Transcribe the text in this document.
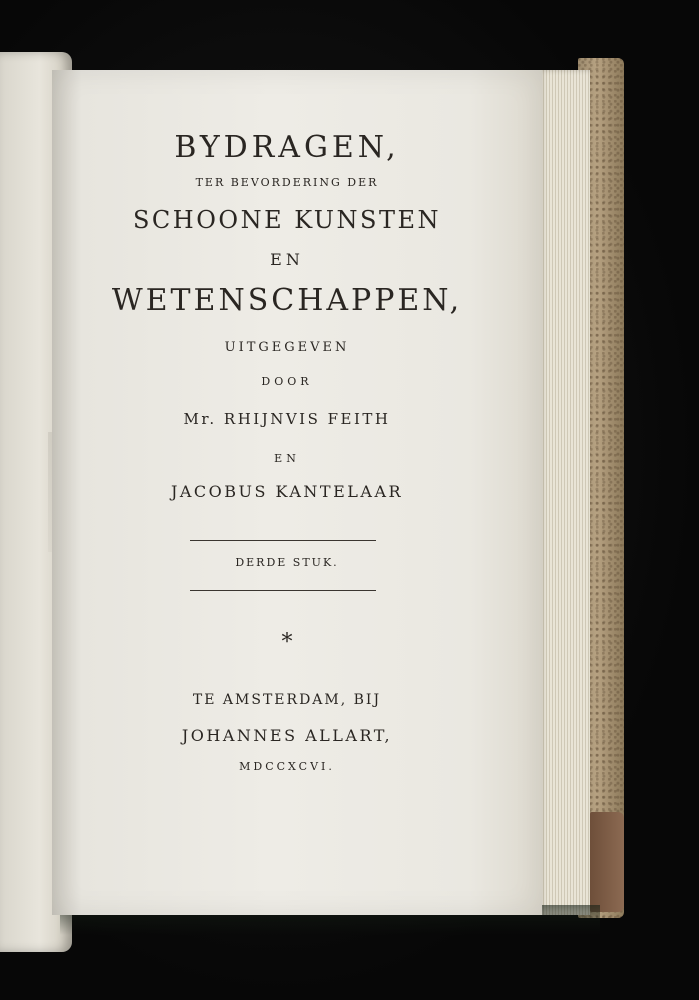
BYDRAGEN,
TER BEVORDERING DER
SCHOONE KUNSTEN
EN
WETENSCHAPPEN,
UITGEGEVEN
DOOR
Mr. RHIJNVIS FEITH
EN
JACOBUS KANTELAAR
DERDE STUK.
*
TE AMSTERDAM, BIJ
JOHANNES ALLART,
MDCCXCVI.
